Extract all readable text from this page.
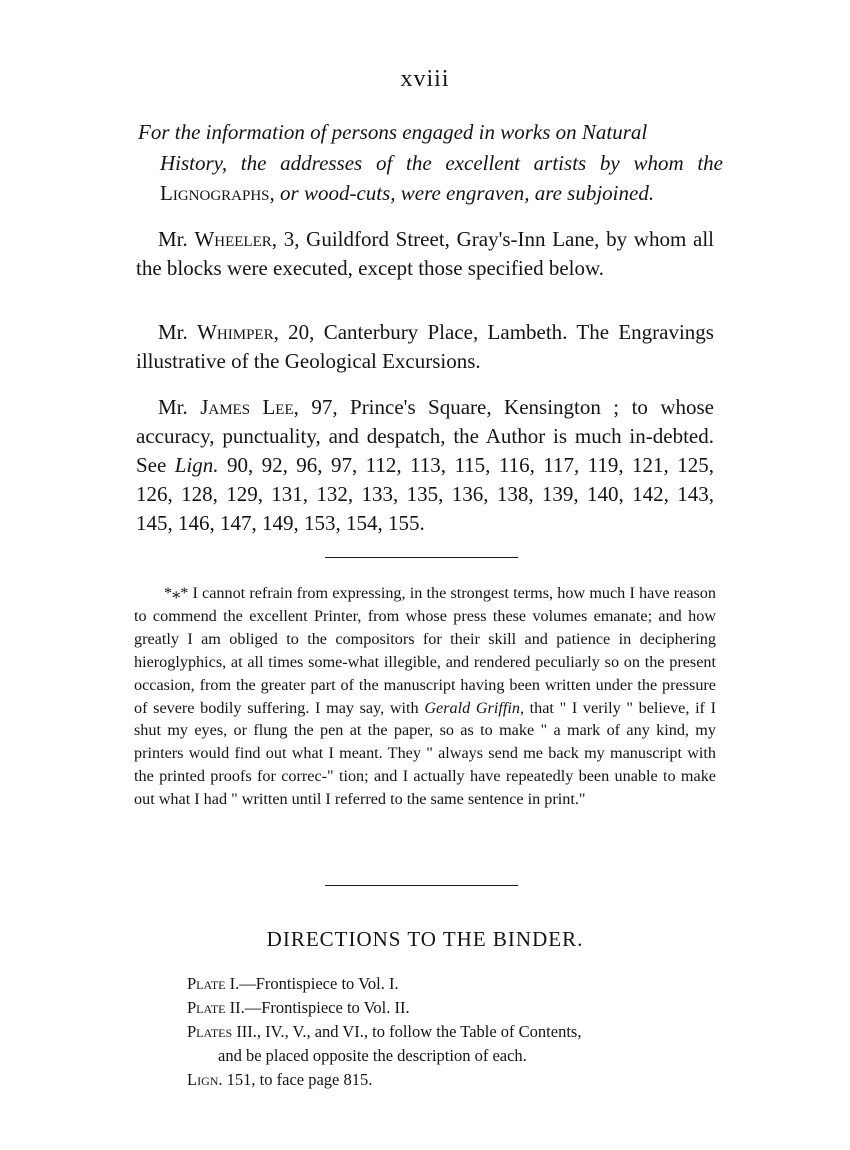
xviii
For the information of persons engaged in works on Natural
History, the addresses of the excellent artists by whom the Lignographs, or wood-cuts, were engraven, are subjoined.

Mr. Wheeler, 3, Guildford Street, Gray's-Inn Lane, by whom all the blocks were executed, except those specified below.

Mr. Whimper, 20, Canterbury Place, Lambeth. The Engravings illustrative of the Geological Excursions.

Mr. James Lee, 97, Prince's Square, Kensington ; to whose accuracy, punctuality, and despatch, the Author is much in-debted. See Lign. 90, 92, 96, 97, 112, 113, 115, 116, 117, 119, 121, 125, 126, 128, 129, 131, 132, 133, 135, 136, 138, 139, 140, 142, 143, 145, 146, 147, 149, 153, 154, 155.

*⁎* I cannot refrain from expressing, in the strongest terms, how much I have reason to commend the excellent Printer, from whose press these volumes emanate; and how greatly I am obliged to the compositors for their skill and patience in deciphering hieroglyphics, at all times some-what illegible, and rendered peculiarly so on the present occasion, from the greater part of the manuscript having been written under the pressure of severe bodily suffering. I may say, with Gerald Griffin, that " I verily " believe, if I shut my eyes, or flung the pen at the paper, so as to make " a mark of any kind, my printers would find out what I meant. They " always send me back my manuscript with the printed proofs for correc-" tion; and I actually have repeatedly been unable to make out what I had " written until I referred to the same sentence in print."

DIRECTIONS TO THE BINDER.
Plate I.—Frontispiece to Vol. I.
Plate II.—Frontispiece to Vol. II.
Plates III., IV., V., and VI., to follow the Table of Contents,
and be placed opposite the description of each.
Lign. 151, to face page 815.
